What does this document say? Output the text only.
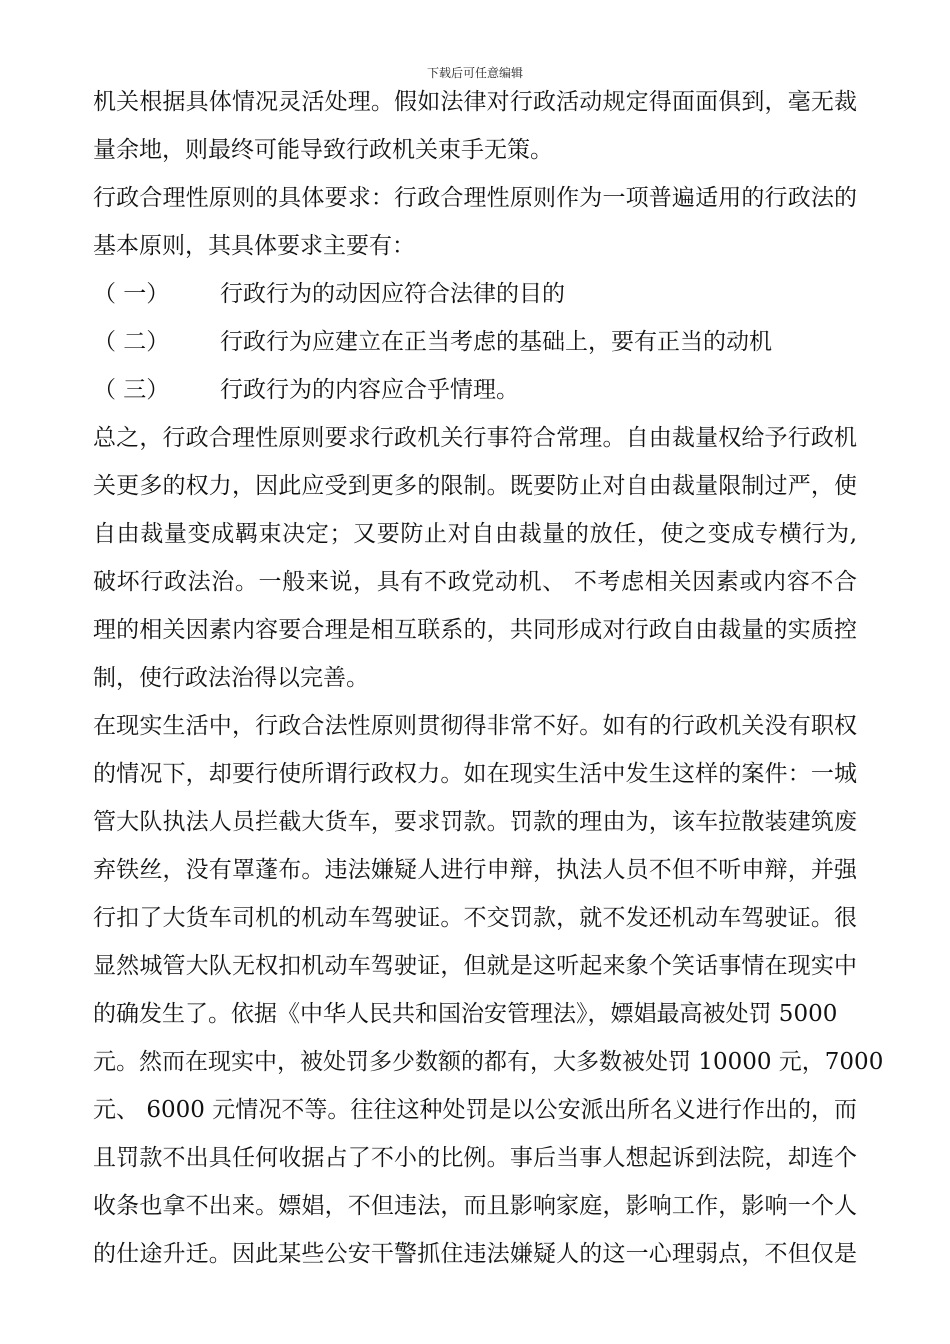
下载后可任意编辑
机关根据具体情况灵活处理。假如法律对行政活动规定得面面俱到，毫无裁
量余地，则最终可能导致行政机关束手无策。
行政合理性原则的具体要求：行政合理性原则作为一项普遍适用的行政法的
基本原则，其具体要求主要有：
（ 一）	行政行为的动因应符合法律的目的
（ 二）	行政行为应建立在正当考虑的基础上，要有正当的动机
（ 三）	行政行为的内容应合乎情理。
总之，行政合理性原则要求行政机关行事符合常理。自由裁量权给予行政机
关更多的权力，因此应受到更多的限制。既要防止对自由裁量限制过严，使
自由裁量变成羁束决定；又要防止对自由裁量的放任，使之变成专横行为,
破坏行政法治。一般来说，具有不政党动机、 不考虑相关因素或内容不合
理的相关因素内容要合理是相互联系的，共同形成对行政自由裁量的实质控
制，使行政法治得以完善。
在现实生活中，行政合法性原则贯彻得非常不好。如有的行政机关没有职权
的情况下，却要行使所谓行政权力。如在现实生活中发生这样的案件：一城
管大队执法人员拦截大货车，要求罚款。罚款的理由为，该车拉散装建筑废
弃铁丝，没有罩蓬布。违法嫌疑人进行申辩，执法人员不但不听申辩，并强
行扣了大货车司机的机动车驾驶证。不交罚款，就不发还机动车驾驶证。很
显然城管大队无权扣机动车驾驶证，但就是这听起来象个笑话事情在现实中
的确发生了。依据《中华人民共和国治安管理法》，嫖娼最高被处罚 5000
元。然而在现实中，被处罚多少数额的都有，大多数被处罚 10000 元，7000
元、 6000 元情况不等。往往这种处罚是以公安派出所名义进行作出的，而
且罚款不出具任何收据占了不小的比例。事后当事人想起诉到法院，却连个
收条也拿不出来。嫖娼，不但违法，而且影响家庭，影响工作，影响一个人
的仕途升迁。因此某些公安干警抓住违法嫌疑人的这一心理弱点，不但仅是
